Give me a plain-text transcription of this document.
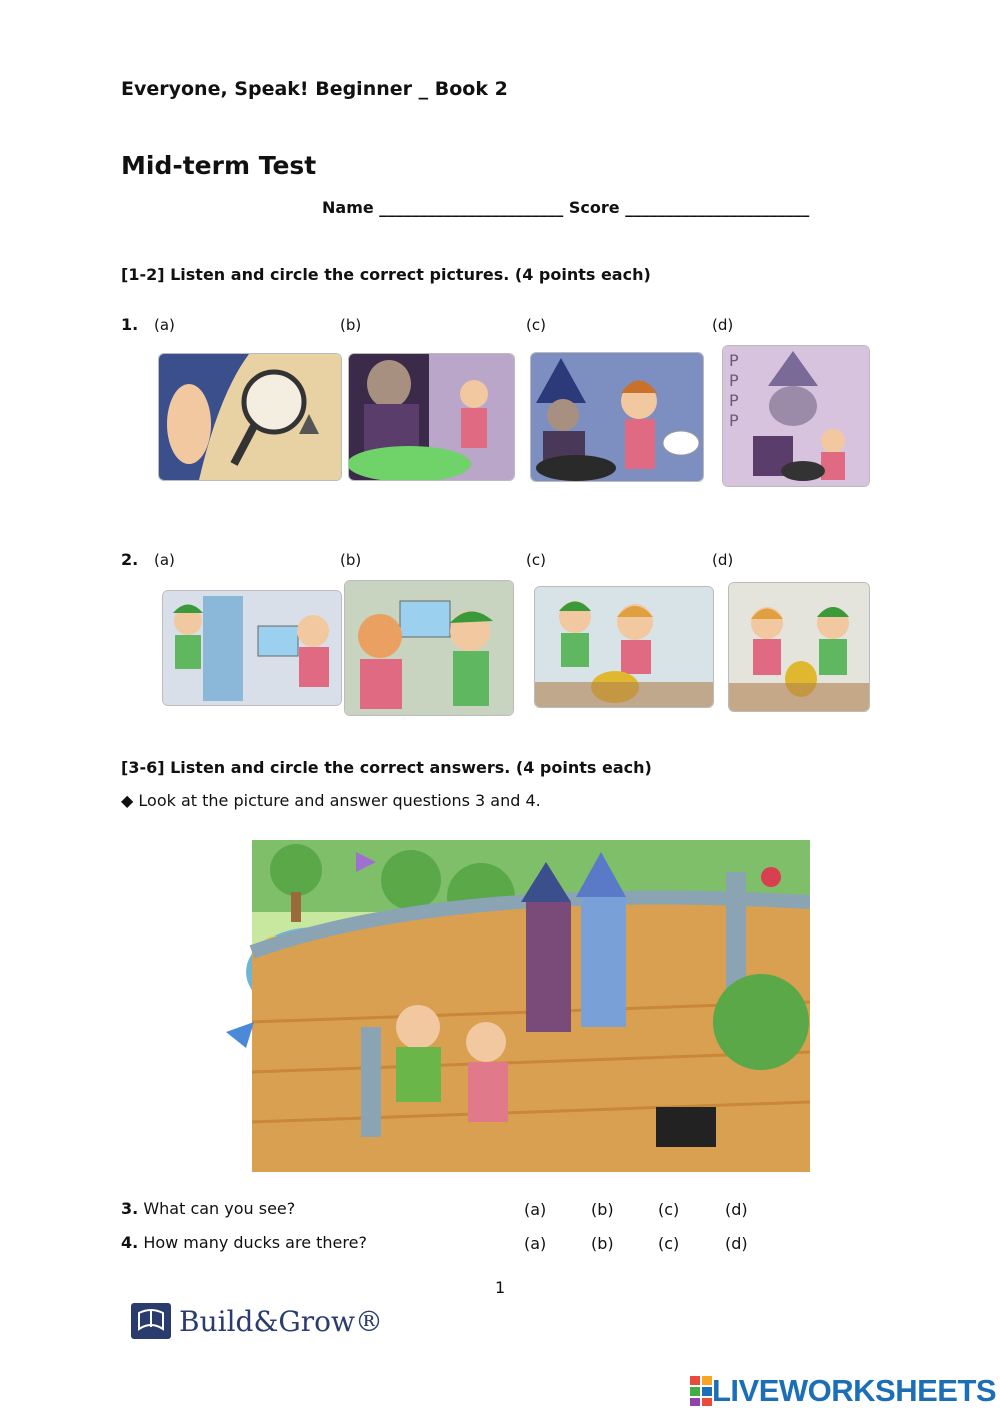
Everyone, Speak! Beginner _ Book 2
Mid-term Test
Name _______________________ Score _______________________
[1-2] Listen and circle the correct pictures. (4 points each)
1. (a)	(b)	(c)	(d)
P
P
P
P
2. (a)	(b)	(c)	(d)
[3-6] Listen and circle the correct answers. (4 points each)
◆ Look at the picture and answer questions 3 and 4.
3. What can you see?	(a)	(b)	(c)	(d)
4. How many ducks are there?	(a)	(b)	(c)	(d)
1
Build&Grow®
LIVEWORKSHEETS
